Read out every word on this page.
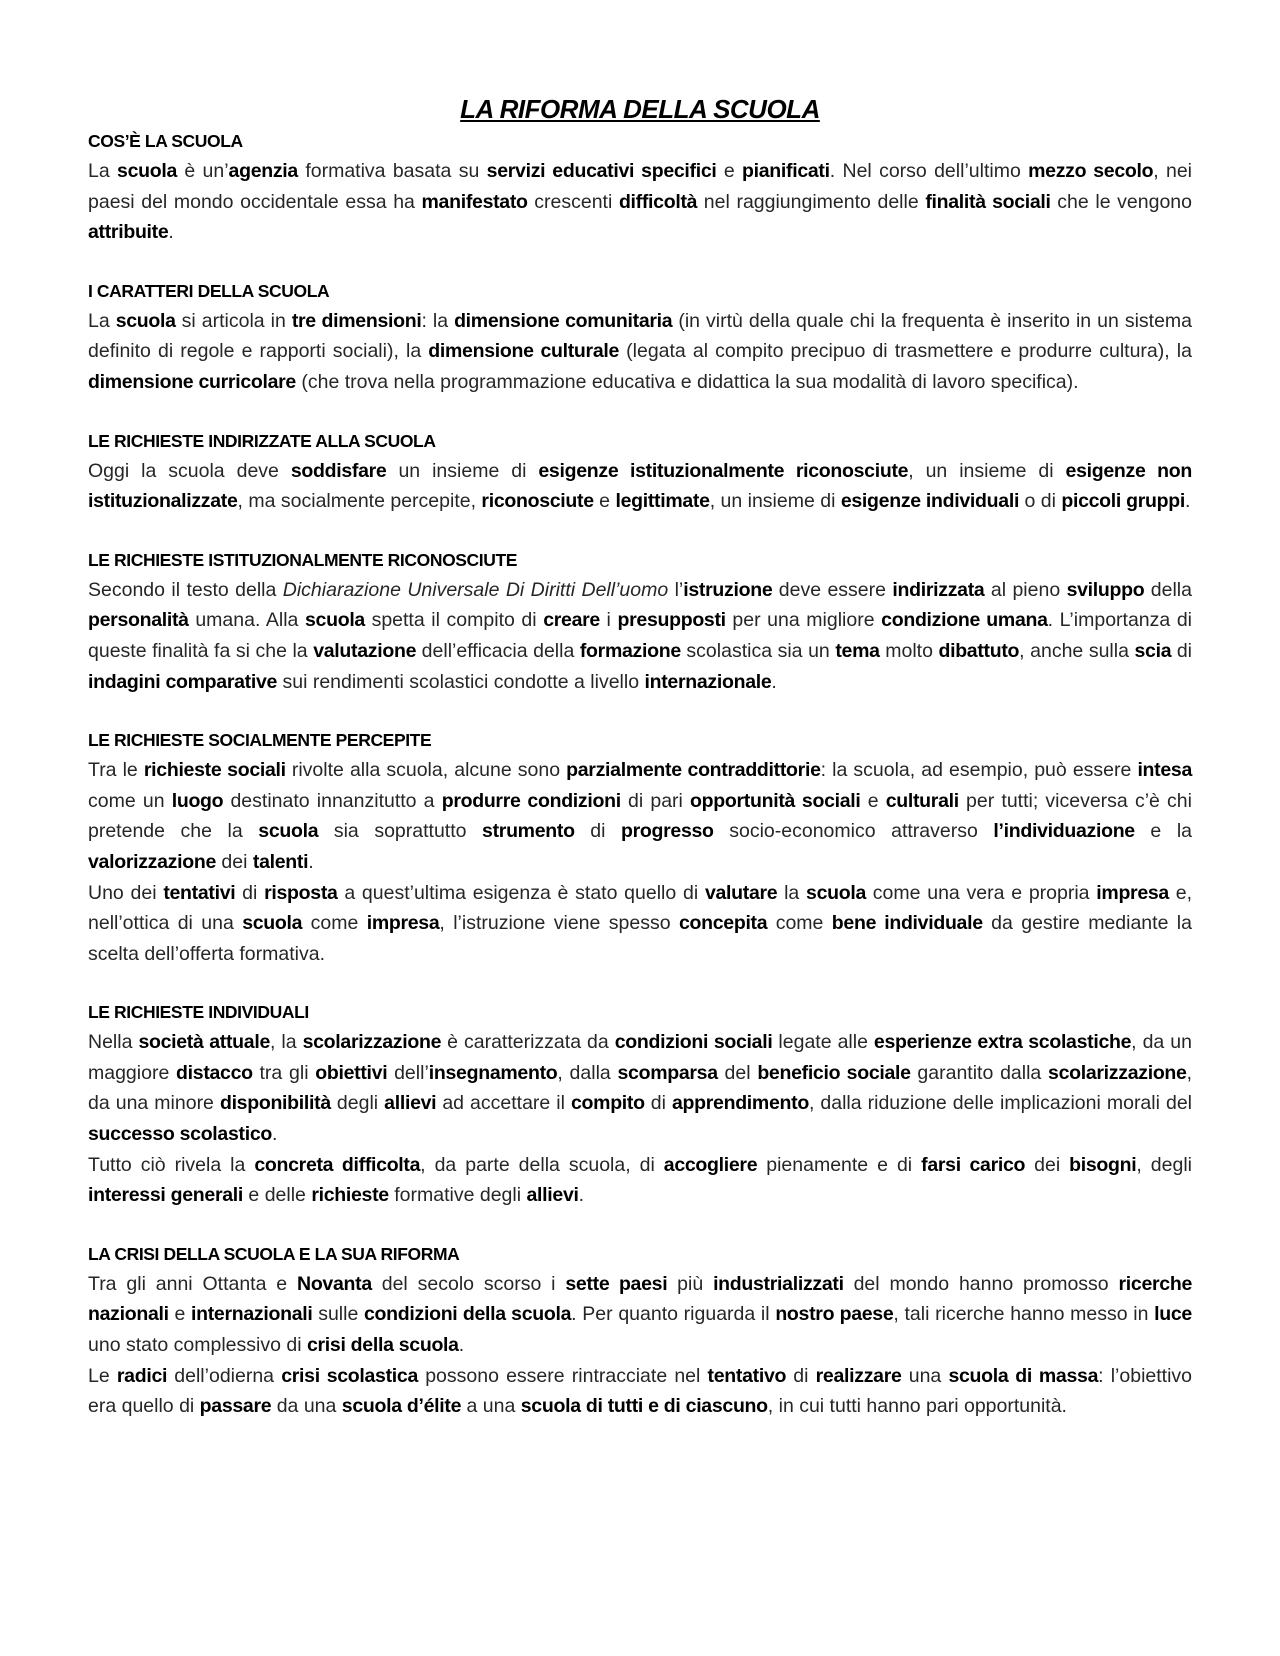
LA RIFORMA DELLA SCUOLA
COS’È LA SCUOLA

La scuola è un’agenzia formativa basata su servizi educativi specifici e pianificati. Nel corso dell’ultimo mezzo secolo, nei paesi del mondo occidentale essa ha manifestato crescenti difficoltà nel raggiungimento delle finalità sociali che le vengono attribuite.

I CARATTERI DELLA SCUOLA

La scuola si articola in tre dimensioni: la dimensione comunitaria (in virtù della quale chi la frequenta è inserito in un sistema definito di regole e rapporti sociali), la dimensione culturale (legata al compito precipuo di trasmettere e produrre cultura), la dimensione curricolare (che trova nella programmazione educativa e didattica la sua modalità di lavoro specifica).

LE RICHIESTE INDIRIZZATE ALLA SCUOLA

Oggi la scuola deve soddisfare un insieme di esigenze istituzionalmente riconosciute, un insieme di esigenze non istituzionalizzate, ma socialmente percepite, riconosciute e legittimate, un insieme di esigenze individuali o di piccoli gruppi.

LE RICHIESTE ISTITUZIONALMENTE RICONOSCIUTE

Secondo il testo della Dichiarazione Universale Di Diritti Dell’uomo l’istruzione deve essere indirizzata al pieno sviluppo della personalità umana. Alla scuola spetta il compito di creare i presupposti per una migliore condizione umana. L’importanza di queste finalità fa si che la valutazione dell’efficacia della formazione scolastica sia un tema molto dibattuto, anche sulla scia di indagini comparative sui rendimenti scolastici condotte a livello internazionale.

LE RICHIESTE SOCIALMENTE PERCEPITE

Tra le richieste sociali rivolte alla scuola, alcune sono parzialmente contraddittorie: la scuola, ad esempio, può essere intesa come un luogo destinato innanzitutto a produrre condizioni di pari opportunità sociali e culturali per tutti; viceversa c’è chi pretende che la scuola sia soprattutto strumento di progresso socio-economico attraverso l’individuazione e la valorizzazione dei talenti.

Uno dei tentativi di risposta a quest’ultima esigenza è stato quello di valutare la scuola come una vera e propria impresa e, nell’ottica di una scuola come impresa, l’istruzione viene spesso concepita come bene individuale da gestire mediante la scelta dell’offerta formativa.

LE RICHIESTE INDIVIDUALI

Nella società attuale, la scolarizzazione è caratterizzata da condizioni sociali legate alle esperienze extra scolastiche, da un maggiore distacco tra gli obiettivi dell’insegnamento, dalla scomparsa del beneficio sociale garantito dalla scolarizzazione, da una minore disponibilità degli allievi ad accettare il compito di apprendimento, dalla riduzione delle implicazioni morali del successo scolastico.

Tutto ciò rivela la concreta difficolta, da parte della scuola, di accogliere pienamente e di farsi carico dei bisogni, degli interessi generali e delle richieste formative degli allievi.

LA CRISI DELLA SCUOLA E LA SUA RIFORMA

Tra gli anni Ottanta e Novanta del secolo scorso i sette paesi più industrializzati del mondo hanno promosso ricerche nazionali e internazionali sulle condizioni della scuola. Per quanto riguarda il nostro paese, tali ricerche hanno messo in luce uno stato complessivo di crisi della scuola.

Le radici dell’odierna crisi scolastica possono essere rintracciate nel tentativo di realizzare una scuola di massa: l’obiettivo era quello di passare da una scuola d’élite a una scuola di tutti e di ciascuno, in cui tutti hanno pari opportunità.
